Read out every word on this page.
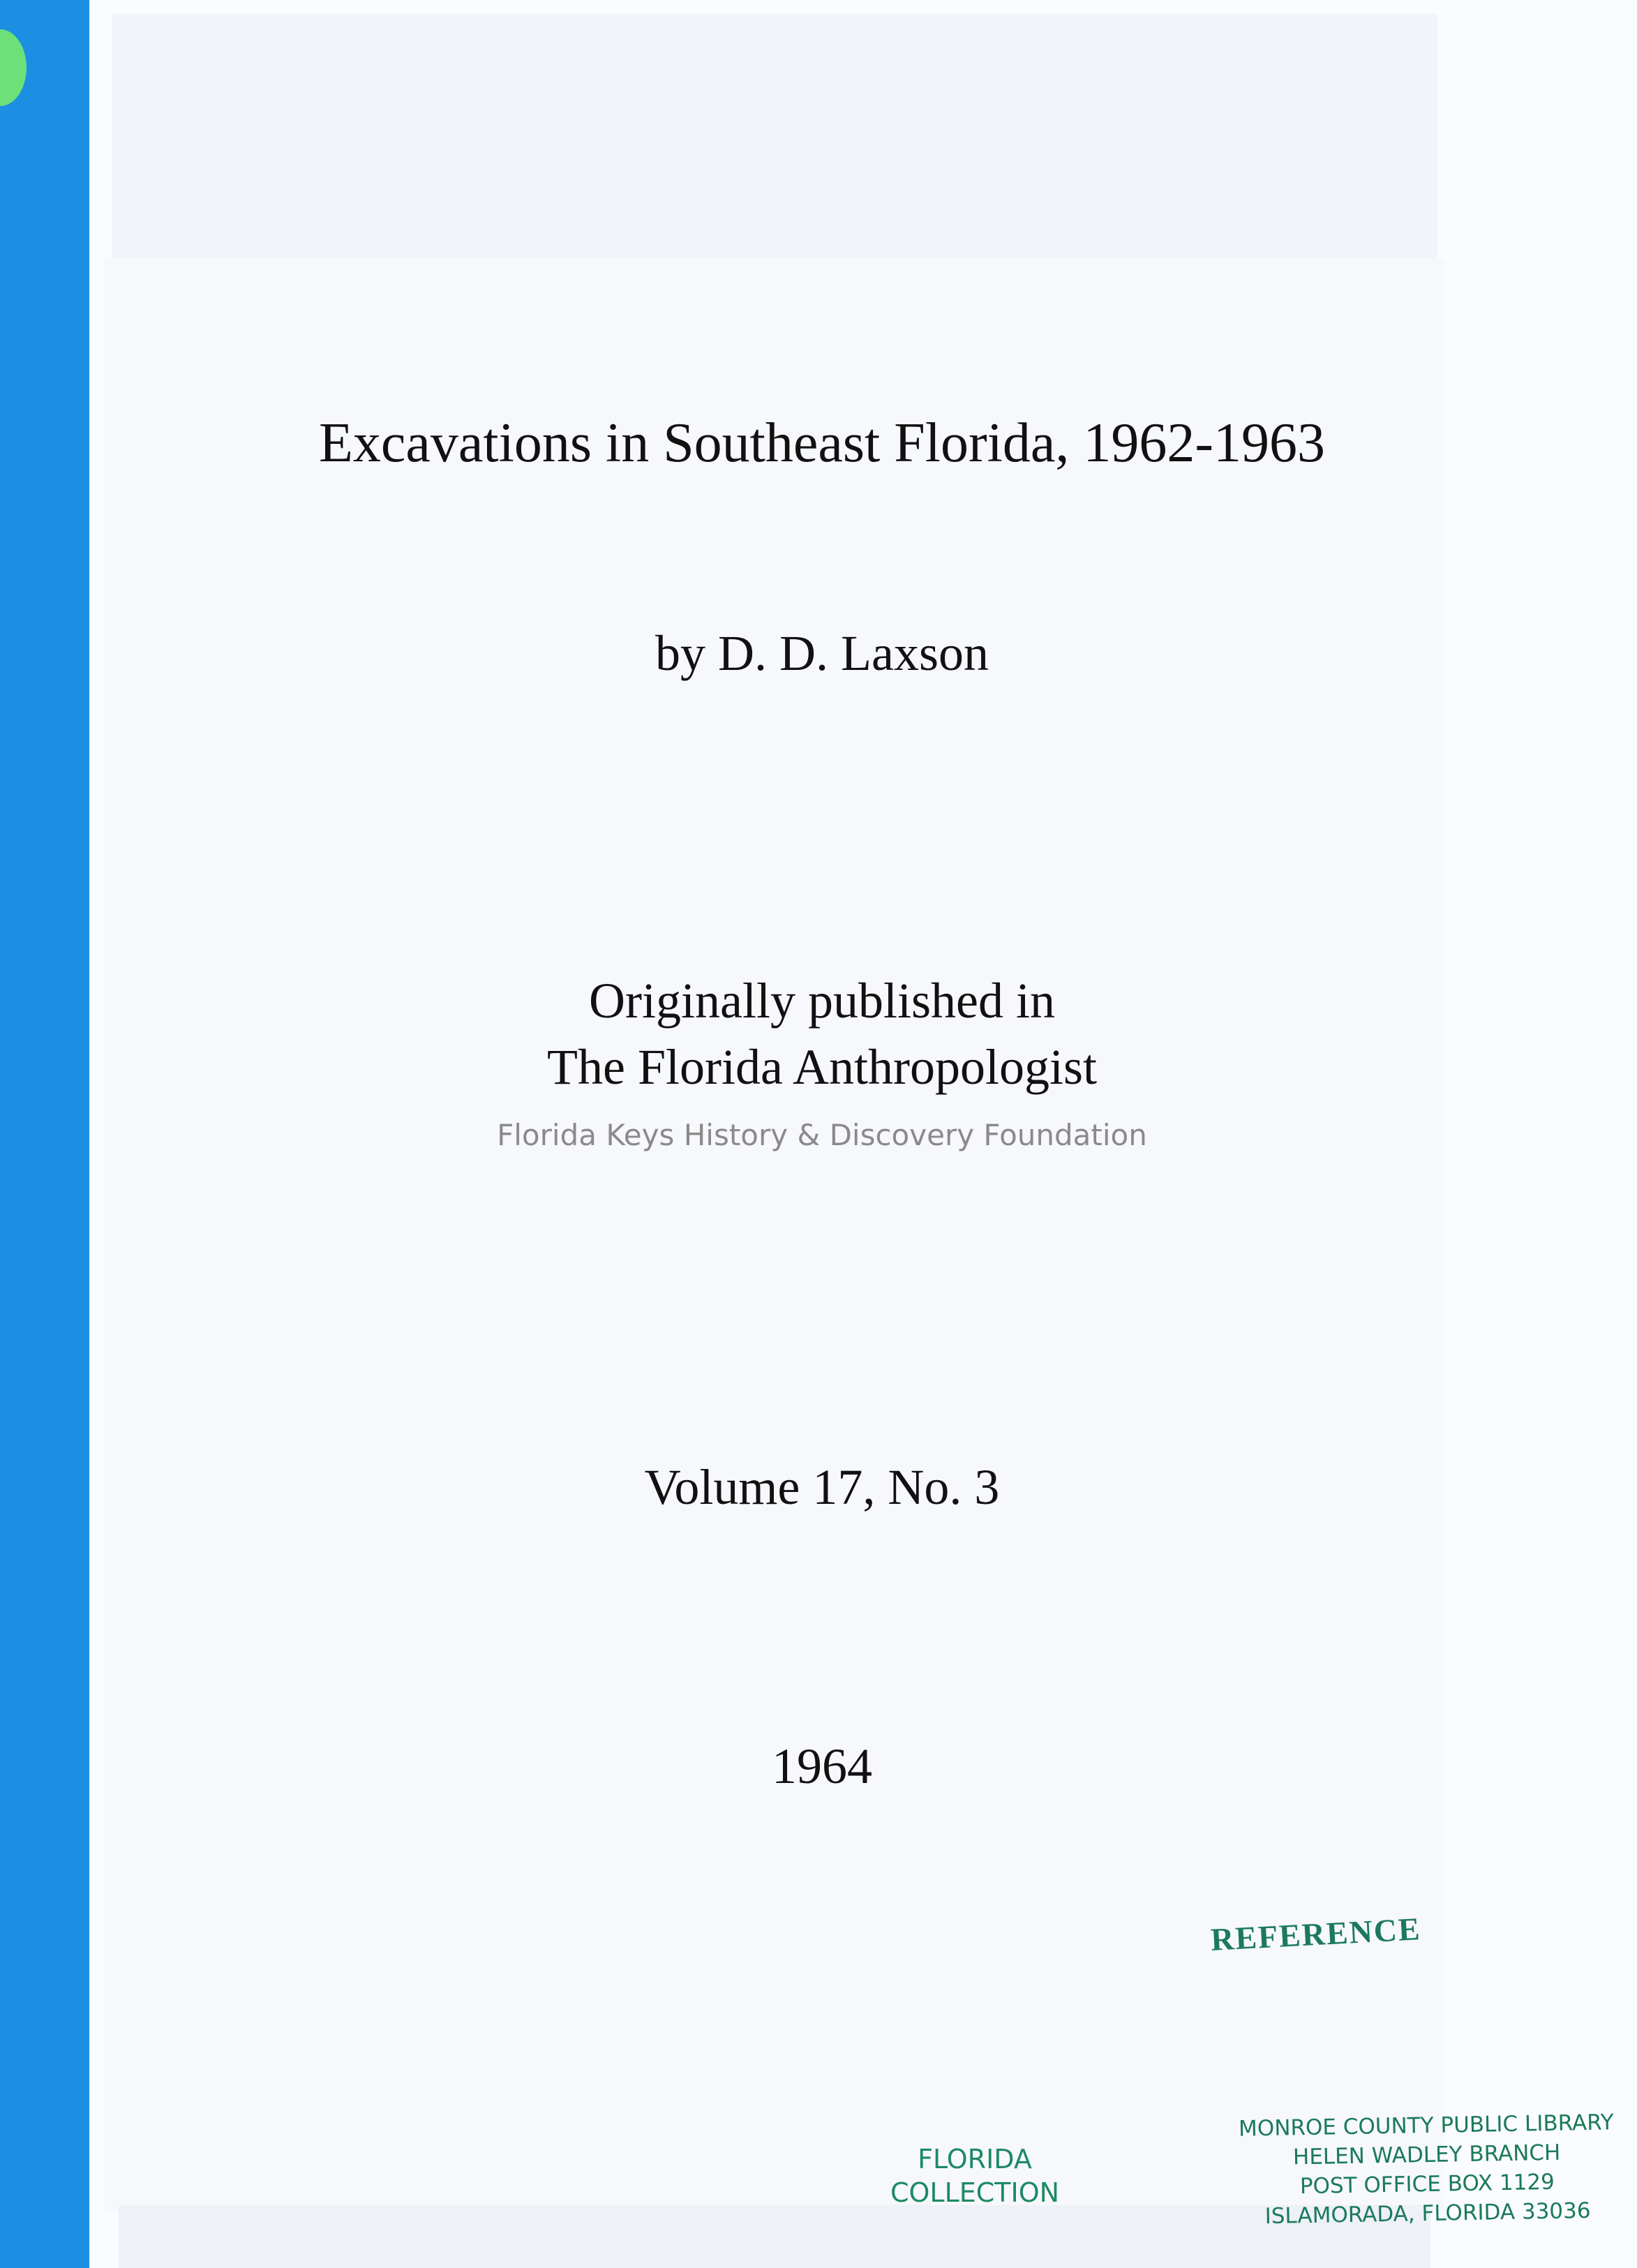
Excavations in Southeast Florida, 1962-1963
by D. D. Laxson
Originally published in
The Florida Anthropologist
Florida Keys History & Discovery Foundation
Volume 17, No. 3
1964
REFERENCE
FLORIDA
COLLECTION
MONROE COUNTY PUBLIC LIBRARY
HELEN WADLEY BRANCH
POST OFFICE BOX 1129
ISLAMORADA, FLORIDA 33036
